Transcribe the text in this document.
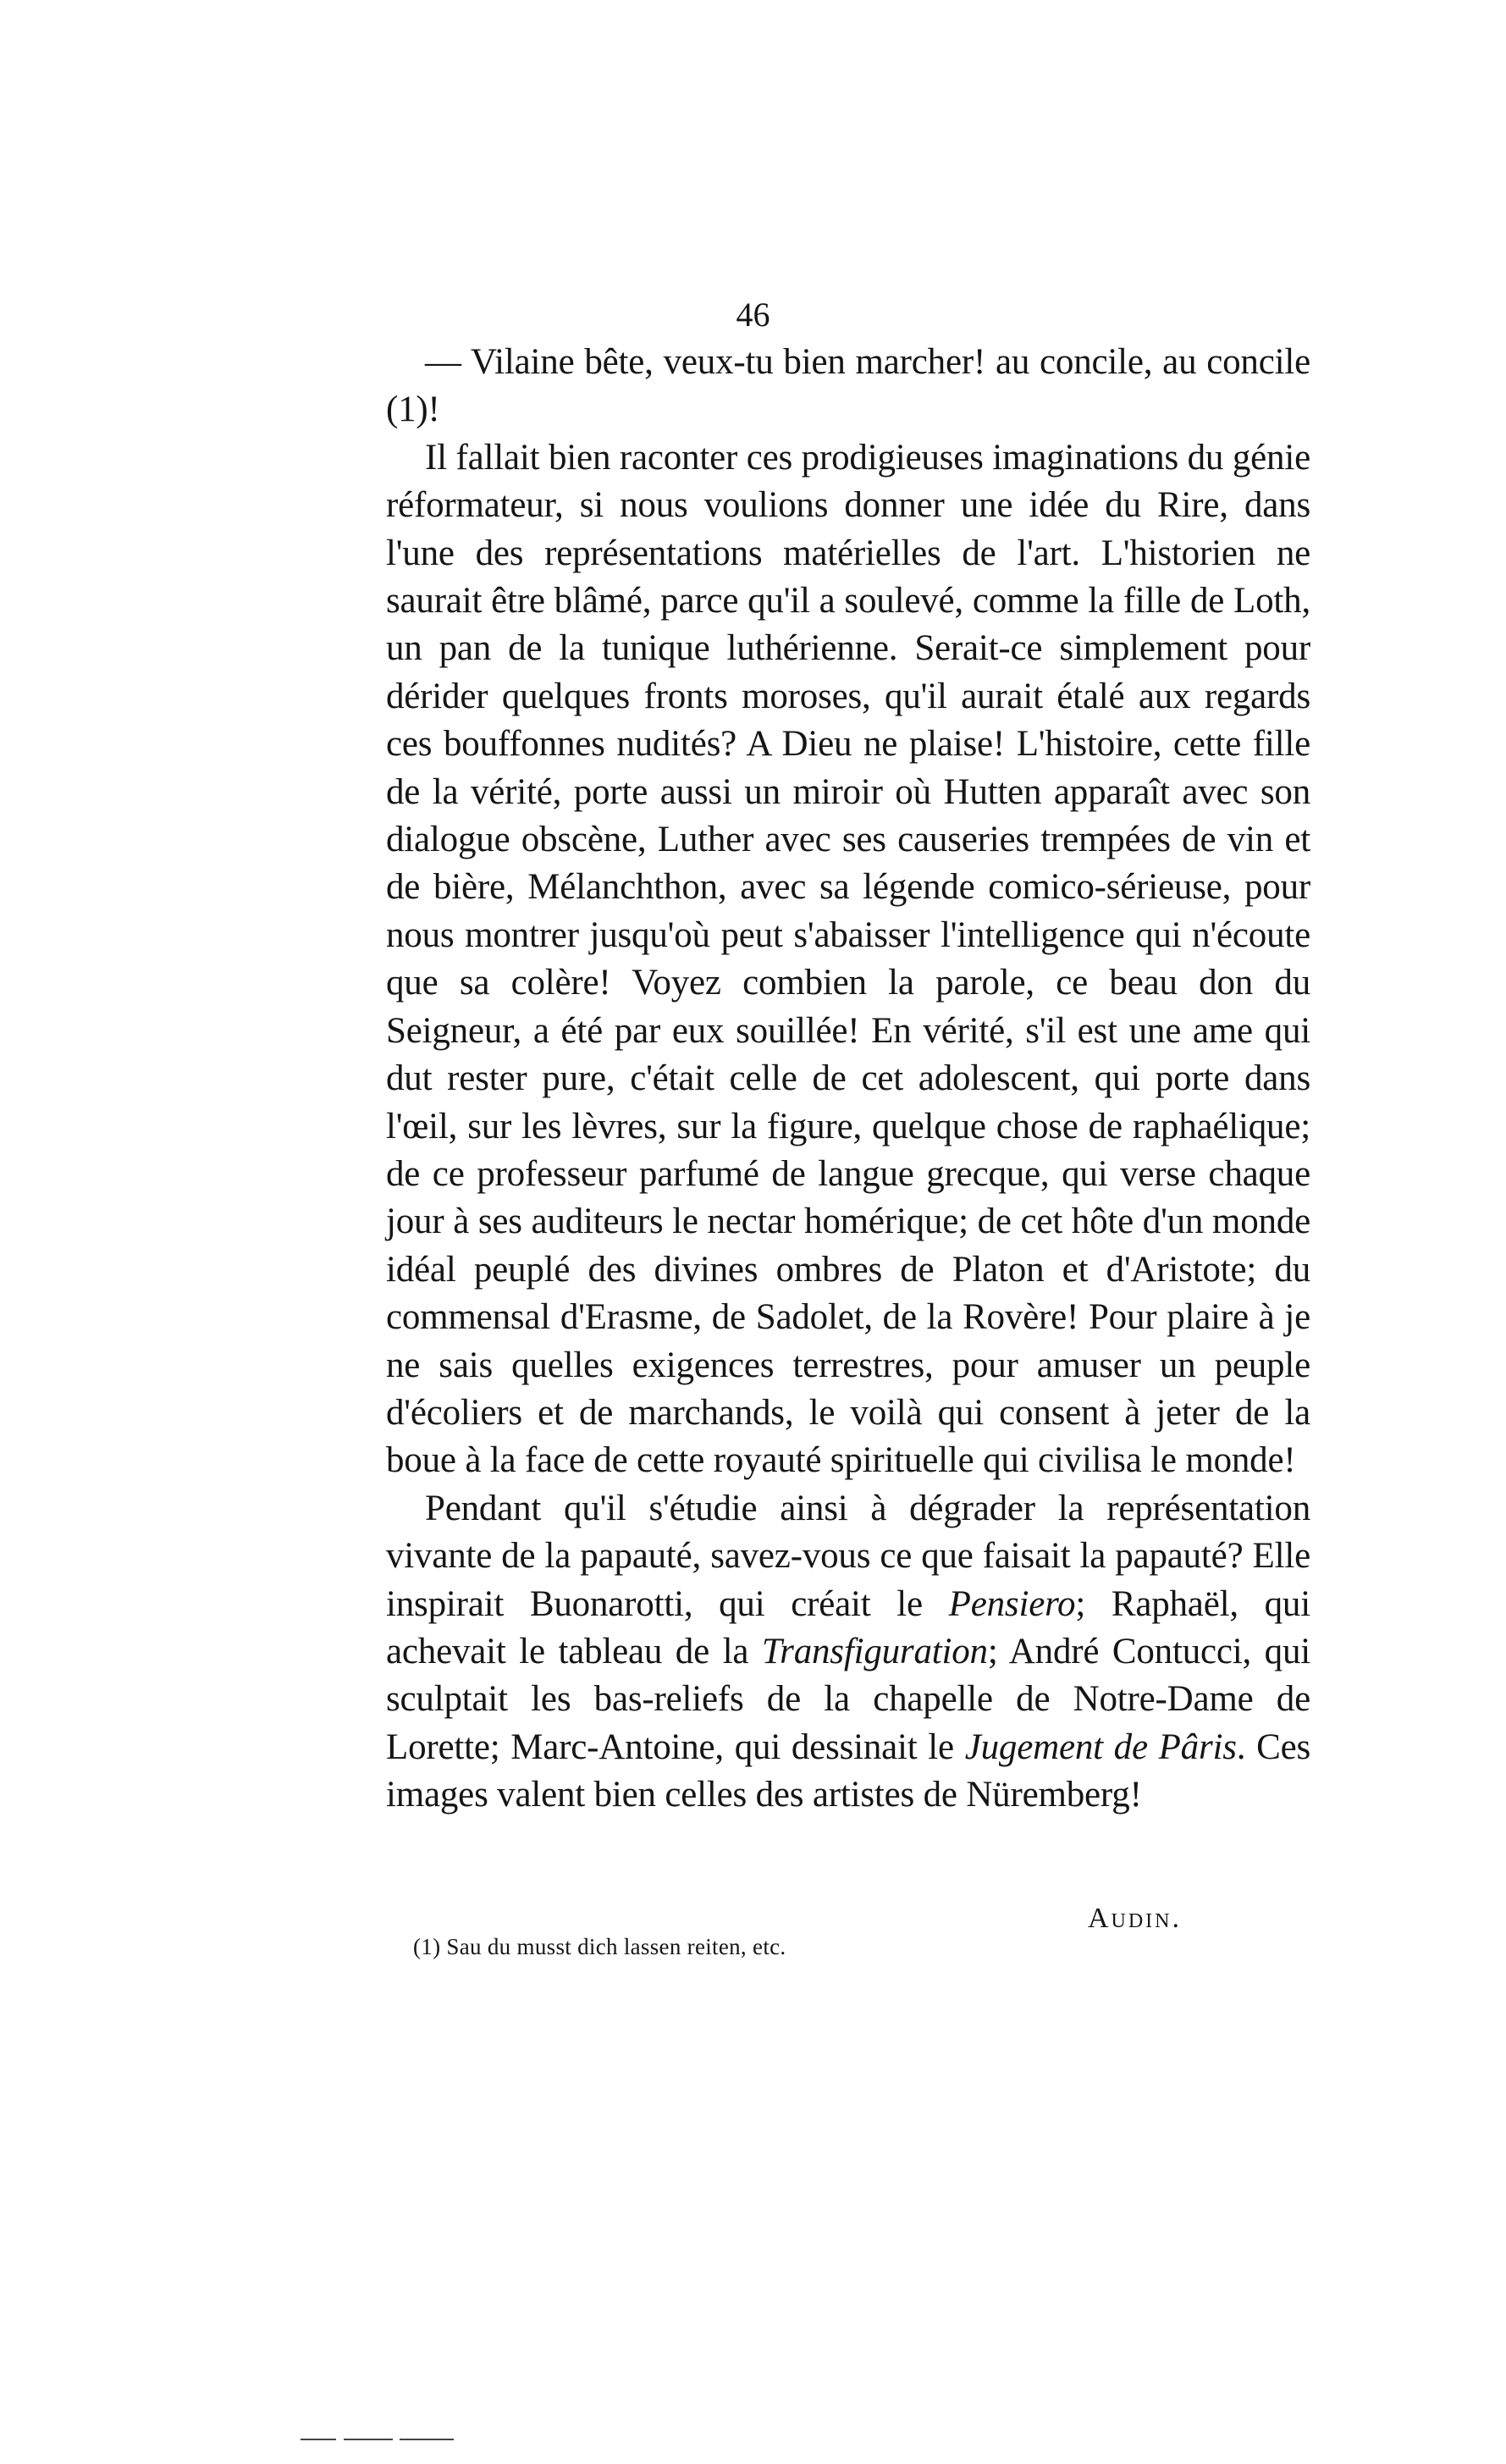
46

— Vilaine bête, veux-tu bien marcher! au concile, au concile (1)!

Il fallait bien raconter ces prodigieuses imaginations du génie réformateur, si nous voulions donner une idée du Rire, dans l'une des représentations matérielles de l'art. L'historien ne saurait être blâmé, parce qu'il a soulevé, comme la fille de Loth, un pan de la tunique luthérienne. Serait-ce simplement pour dérider quelques fronts moroses, qu'il aurait étalé aux regards ces bouffonnes nudités? A Dieu ne plaise! L'histoire, cette fille de la vérité, porte aussi un miroir où Hutten apparaît avec son dialogue obscène, Luther avec ses causeries trempées de vin et de bière, Mélanchthon, avec sa légende comico-sérieuse, pour nous montrer jusqu'où peut s'abaisser l'intelligence qui n'écoute que sa colère! Voyez combien la parole, ce beau don du Seigneur, a été par eux souillée! En vérité, s'il est une ame qui dut rester pure, c'était celle de cet adolescent, qui porte dans l'œil, sur les lèvres, sur la figure, quelque chose de raphaélique; de ce professeur parfumé de langue grecque, qui verse chaque jour à ses auditeurs le nectar homérique; de cet hôte d'un monde idéal peuplé des divines ombres de Platon et d'Aristote; du commensal d'Erasme, de Sadolet, de la Rovère! Pour plaire à je ne sais quelles exigences terrestres, pour amuser un peuple d'écoliers et de marchands, le voilà qui consent à jeter de la boue à la face de cette royauté spirituelle qui civilisa le monde!

Pendant qu'il s'étudie ainsi à dégrader la représentation vivante de la papauté, savez-vous ce que faisait la papauté? Elle inspirait Buonarotti, qui créait le Pensiero; Raphaël, qui achevait le tableau de la Transfiguration; André Contucci, qui sculptait les bas-reliefs de la chapelle de Notre-Dame de Lorette; Marc-Antoine, qui dessinait le Jugement de Pâris. Ces images valent bien celles des artistes de Nüremberg!

Audin.
(1) Sau du musst dich lassen reiten, etc.
